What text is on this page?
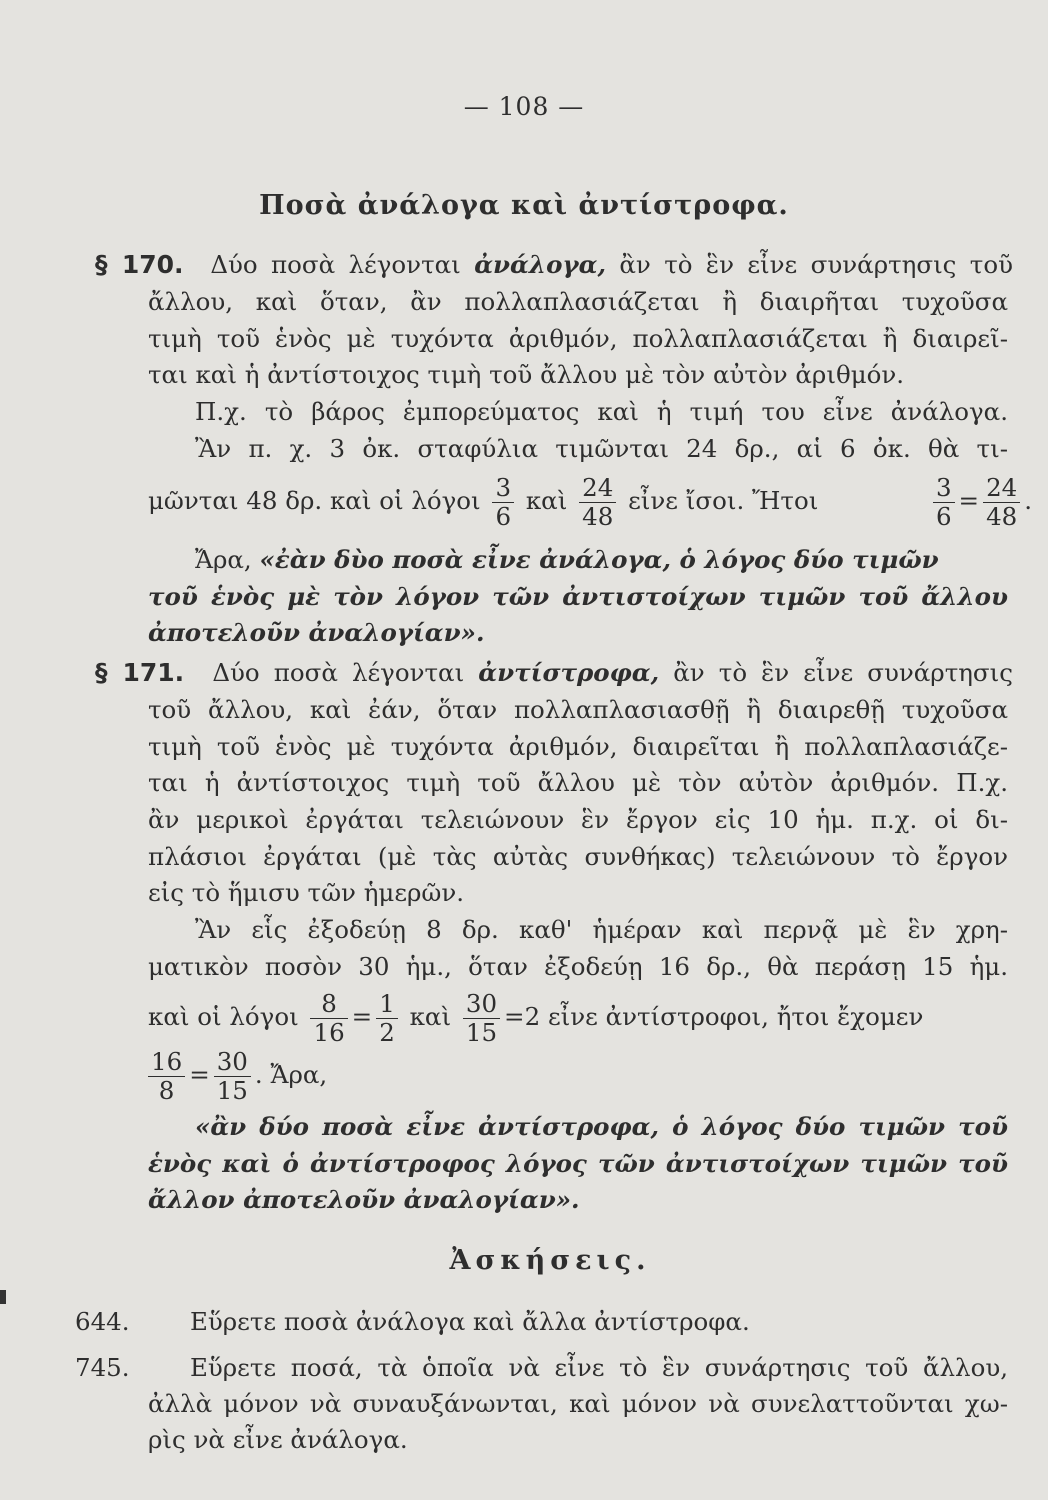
— 108 —
Ποσὰ ἀνάλογα καὶ ἀντίστροφα.
§ 170. Δύο ποσὰ λέγονται ἀνάλογα, ἂν τὸ ἓν εἶνε συνάρτησις τοῦ
ἄλλου, καὶ ὅταν, ἂν πολλαπλασιάζεται ἢ διαιρῆται τυχοῦσα
τιμὴ τοῦ ἑνὸς μὲ τυχόντα ἀριθμόν, πολλαπλασιάζεται ἢ διαιρεῖ-
ται καὶ ἡ ἀντίστοιχος τιμὴ τοῦ ἄλλου μὲ τὸν αὐτὸν ἀριθμόν.
Π.χ. τὸ βάρος ἐμπορεύματος καὶ ἡ τιμή του εἶνε ἀνάλογα.
Ἂν π. χ. 3 ὀκ. σταφύλια τιμῶνται 24 δρ., αἱ 6 ὀκ. θὰ τι-
μῶνται 48 δρ. καὶ οἱ λόγοι $\frac{3}{6}$ καὶ $\frac{24}{48}$ εἶνε ἴσοι. Ἤτοι	$\frac{3}{6} = \frac{24}{48}$ .
Ἄρα, «ἐὰν δὺο ποσὰ εἶνε ἀνάλογα, ὁ λόγος δύο τιμῶν
τοῦ ἑνὸς μὲ τὸν λόγον τῶν ἀντιστοίχων τιμῶν τοῦ ἄλλου
ἀποτελοῦν ἀναλογίαν».
§ 171. Δύο ποσὰ λέγονται ἀντίστροφα, ἂν τὸ ἓν εἶνε συνάρτησις
τοῦ ἄλλου, καὶ ἐάν, ὅταν πολλαπλασιασθῇ ἢ διαιρεθῇ τυχοῦσα
τιμὴ τοῦ ἑνὸς μὲ τυχόντα ἀριθμόν, διαιρεῖται ἢ πολλαπλασιάζε-
ται ἡ ἀντίστοιχος τιμὴ τοῦ ἄλλου μὲ τὸν αὐτὸν ἀριθμόν. Π.χ.
ἂν μερικοὶ ἐργάται τελειώνουν ἓν ἔργον εἰς 10 ἡμ. π.χ. οἱ δι-
πλάσιοι ἐργάται (μὲ τὰς αὐτὰς συνθήκας) τελειώνουν τὸ ἔργον
εἰς τὸ ἥμισυ τῶν ἡμερῶν.
Ἂν εἷς ἐξοδεύῃ 8 δρ. καθ' ἡμέραν καὶ περνᾷ μὲ ἓν χρη-
ματικὸν ποσὸν 30 ἡμ., ὅταν ἐξοδεύῃ 16 δρ., θὰ περάσῃ 15 ἡμ.
καὶ οἱ λόγοι $\frac{8}{16} = \frac{1}{2}$ καὶ $\frac{30}{15} =2$ εἶνε ἀντίστροφοι, ἤτοι ἔχομεν
$\frac{16}{8} = \frac{30}{15}$ . Ἄρα,
«ἂν δύο ποσὰ εἶνε ἀντίστροφα, ὁ λόγος δύο τιμῶν τοῦ
ἑνὸς καὶ ὁ ἀντίστροφος λόγος τῶν ἀντιστοίχων τιμῶν τοῦ
ἄλλον ἀποτελοῦν ἀναλογίαν».
Ἀσκήσεις.
644. Εὕρετε ποσὰ ἀνάλογα καὶ ἄλλα ἀντίστροφα.
745. Εὕρετε ποσά, τὰ ὁποῖα νὰ εἶνε τὸ ἓν συνάρτησις τοῦ ἄλλου,
ἀλλὰ μόνον νὰ συναυξάνωνται, καὶ μόνον νὰ συνελαττοῦνται χω-
ρὶς νὰ εἶνε ἀνάλογα.
